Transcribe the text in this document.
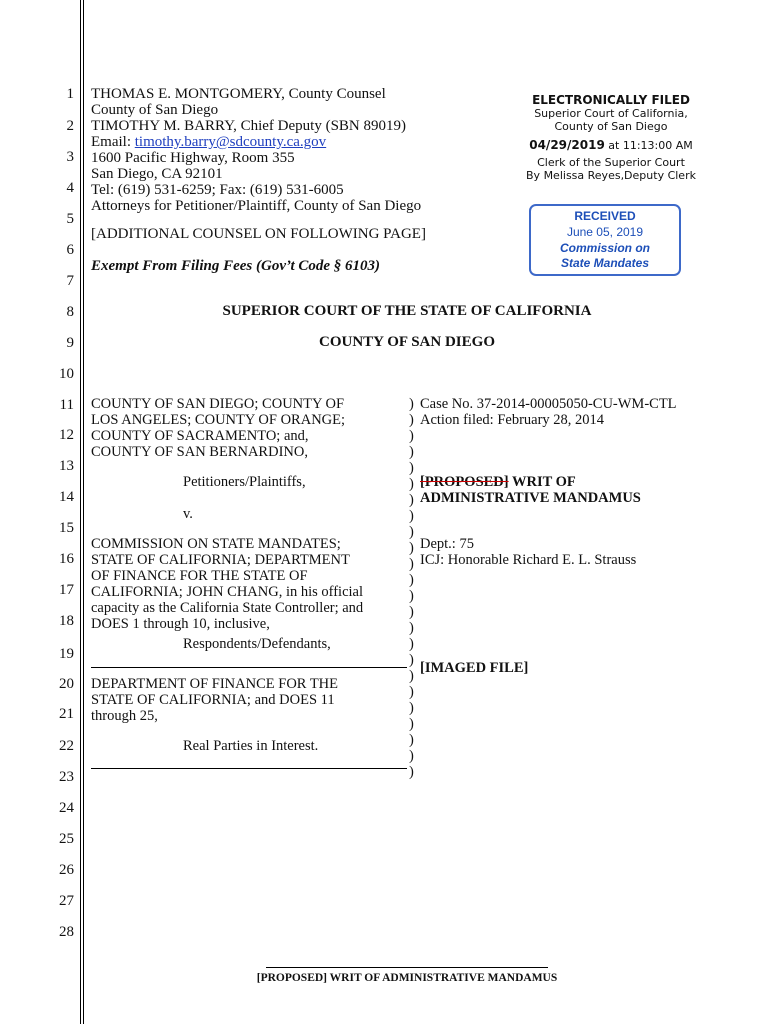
1
2
3
4
5
6
7
8
9
10
11
12
13
14
15
16
17
18
19
20
21
22
23
24
25
26
27
28
THOMAS E. MONTGOMERY, County Counsel
County of San Diego
TIMOTHY M. BARRY, Chief Deputy (SBN 89019)
Email: timothy.barry@sdcounty.ca.gov
1600 Pacific Highway, Room 355
San Diego, CA 92101
Tel: (619) 531-6259; Fax: (619) 531-6005
Attorneys for Petitioner/Plaintiff, County of San Diego
[ADDITIONAL COUNSEL ON FOLLOWING PAGE]
Exempt From Filing Fees (Gov’t Code § 6103)
ELECTRONICALLY FILED
Superior Court of California,
County of San Diego
04/29/2019 at 11:13:00 AM
Clerk of the Superior Court
By Melissa Reyes,Deputy Clerk
RECEIVED
June 05, 2019
Commission on
State Mandates
SUPERIOR COURT OF THE STATE OF CALIFORNIA
COUNTY OF SAN DIEGO
COUNTY OF SAN DIEGO; COUNTY OF
LOS ANGELES; COUNTY OF ORANGE;
COUNTY OF SACRAMENTO; and,
COUNTY OF SAN BERNARDINO,
Petitioners/Plaintiffs,
v.
COMMISSION ON STATE MANDATES;
STATE OF CALIFORNIA; DEPARTMENT
OF FINANCE FOR THE STATE OF
CALIFORNIA; JOHN CHANG, in his official
capacity as the California State Controller; and
DOES 1 through 10, inclusive,
Respondents/Defendants,
DEPARTMENT OF FINANCE FOR THE
STATE OF CALIFORNIA; and DOES 11
through 25,
Real Parties in Interest.
)
)
)
)
)
)
)
)
)
)
)
)
)
)
)
)
)
)
)
)
)
)
)
)
Case No. 37-2014-00005050-CU-WM-CTL
Action filed: February 28, 2014
[PROPOSED] WRIT OF
ADMINISTRATIVE MANDAMUS
Dept.: 75
ICJ: Honorable Richard E. L. Strauss
[IMAGED FILE]
[PROPOSED] WRIT OF ADMINISTRATIVE MANDAMUS
